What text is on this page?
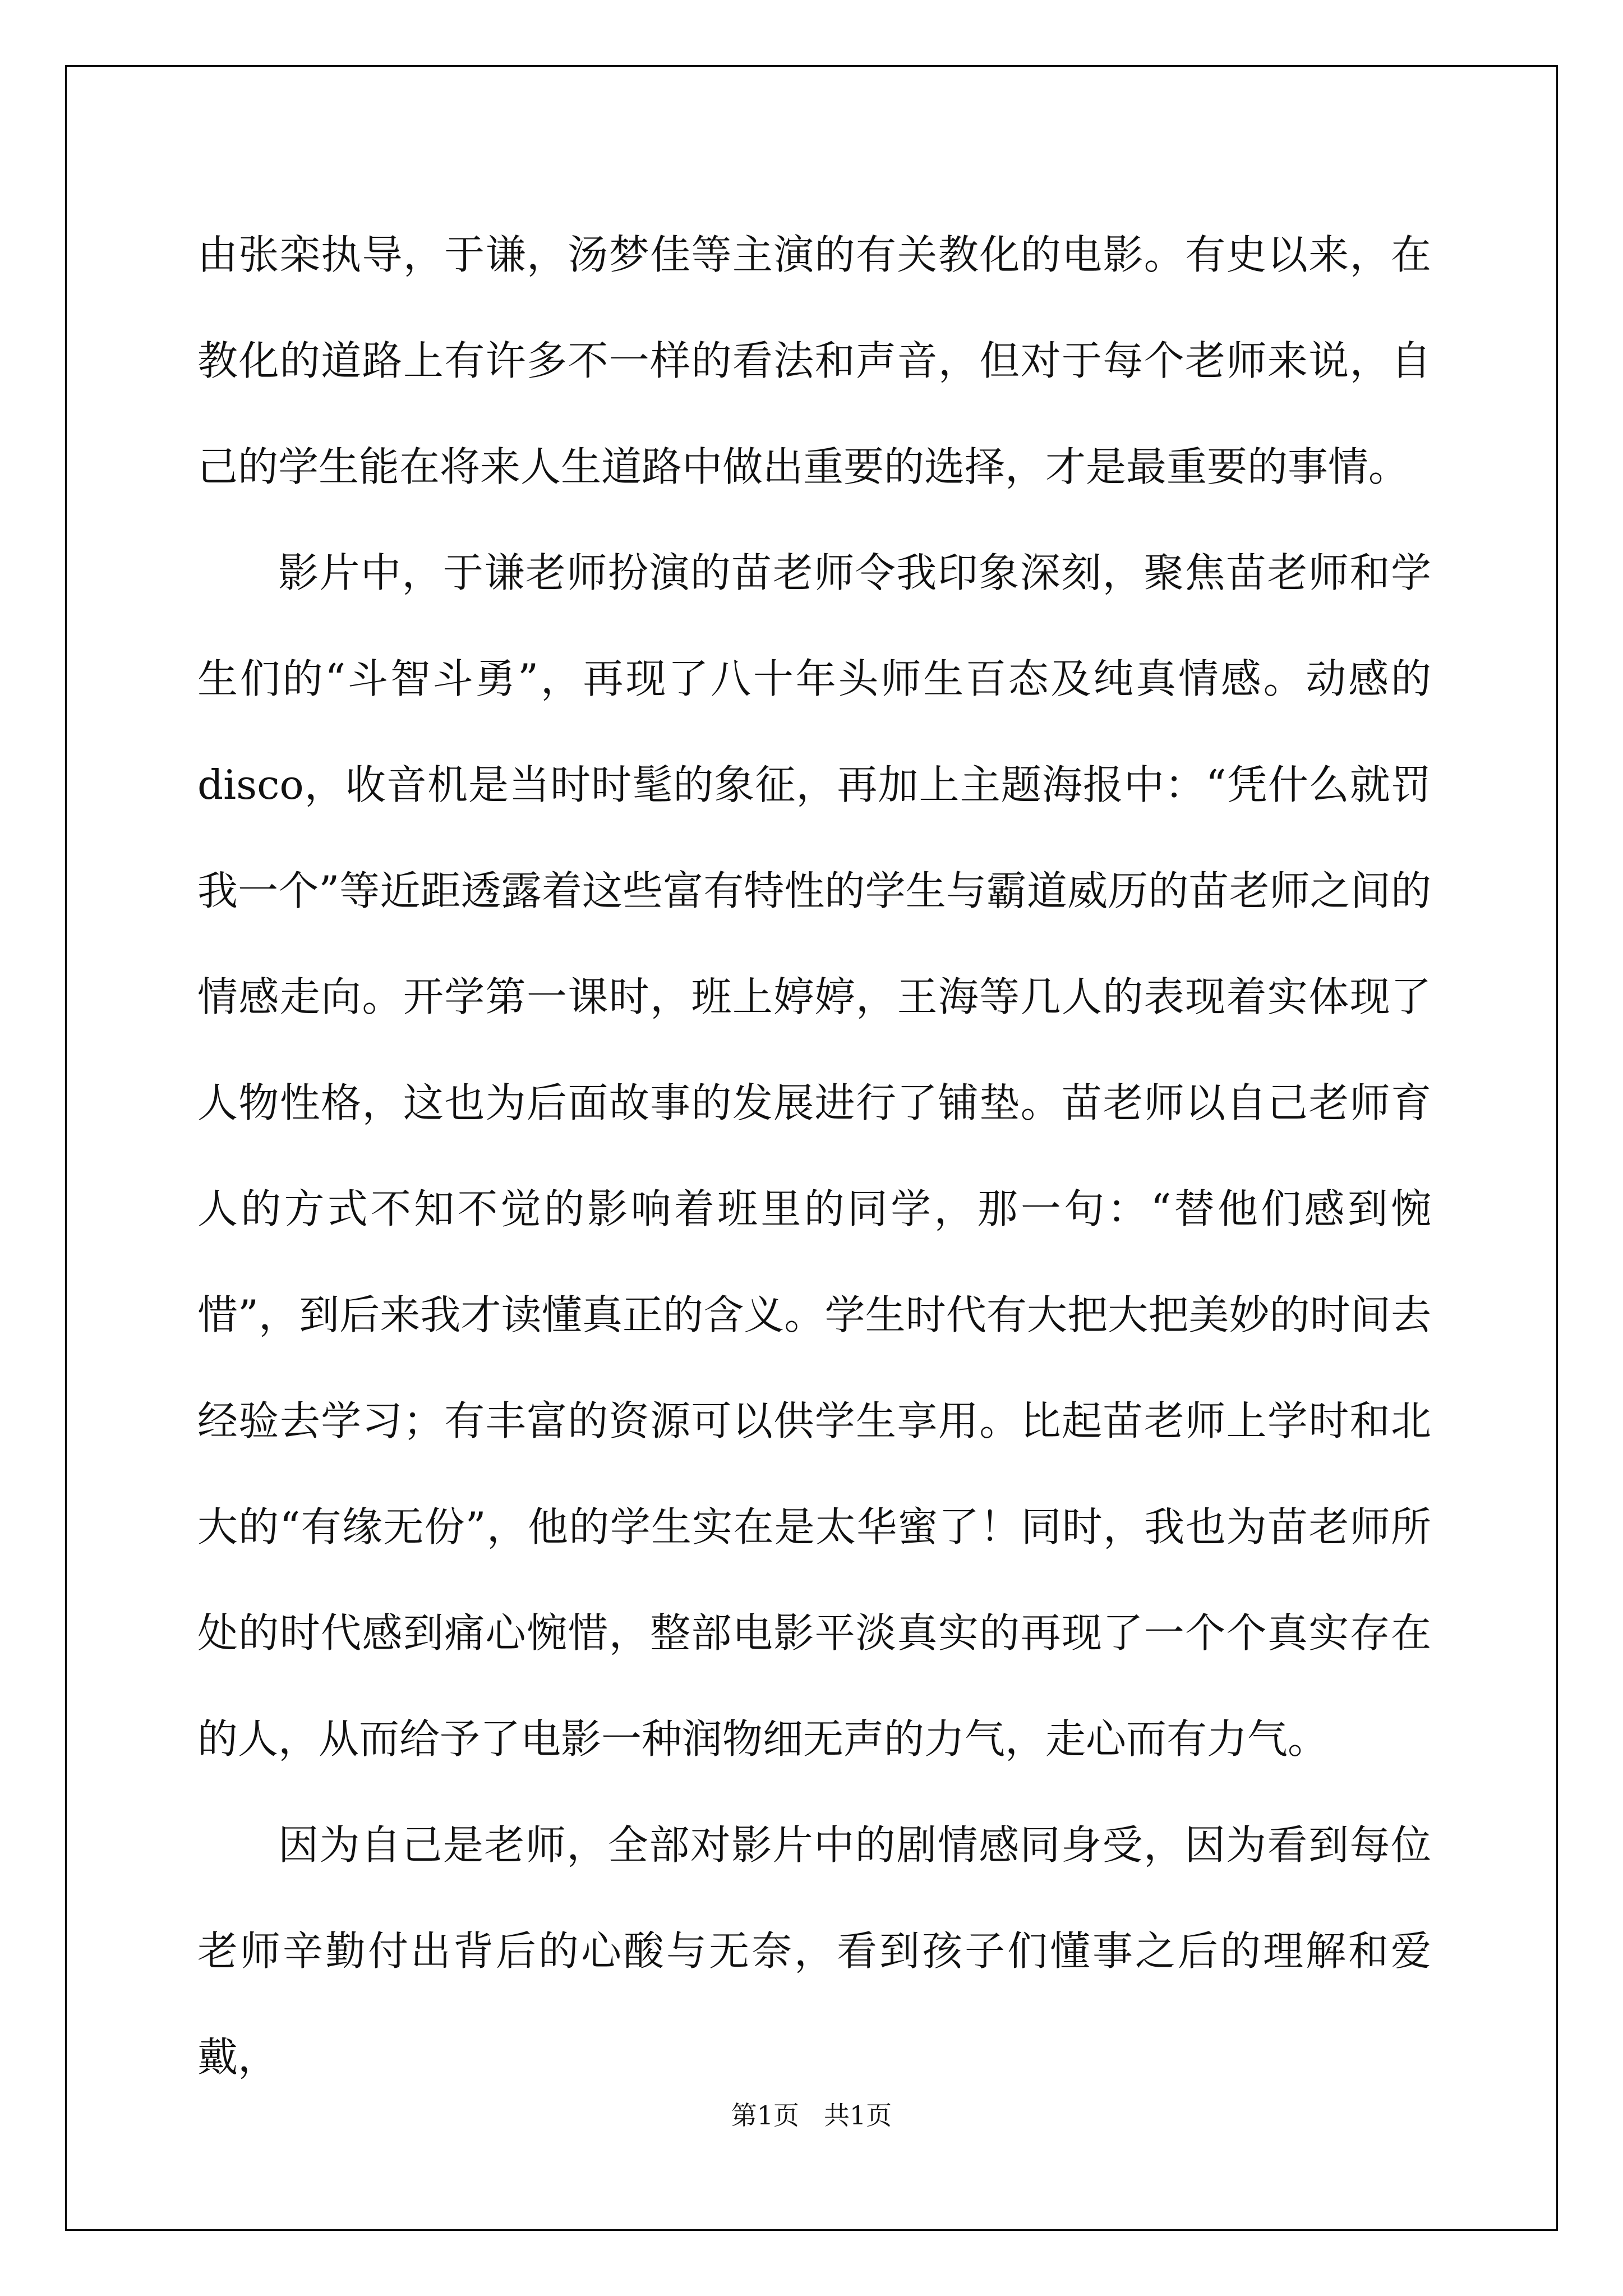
由张栾执导，于谦，汤梦佳等主演的有关教化的电影。有史以来，在教化的道路上有许多不一样的看法和声音，但对于每个老师来说，自己的学生能在将来人生道路中做出重要的选择，才是最重要的事情。

影片中，于谦老师扮演的苗老师令我印象深刻，聚焦苗老师和学生们的“斗智斗勇”，再现了八十年头师生百态及纯真情感。动感的disco，收音机是当时时髦的象征，再加上主题海报中：“凭什么就罚我一个”等近距透露着这些富有特性的学生与霸道威历的苗老师之间的情感走向。开学第一课时，班上婷婷，王海等几人的表现着实体现了人物性格，这也为后面故事的发展进行了铺垫。苗老师以自己老师育人的方式不知不觉的影响着班里的同学，那一句：“替他们感到惋惜”，到后来我才读懂真正的含义。学生时代有大把大把美妙的时间去经验去学习；有丰富的资源可以供学生享用。比起苗老师上学时和北大的“有缘无份”，他的学生实在是太华蜜了！同时，我也为苗老师所处的时代感到痛心惋惜，整部电影平淡真实的再现了一个个真实存在的人，从而给予了电影一种润物细无声的力气，走心而有力气。

因为自己是老师，全部对影片中的剧情感同身受，因为看到每位老师辛勤付出背后的心酸与无奈，看到孩子们懂事之后的理解和爱戴，

第1页 共1页
